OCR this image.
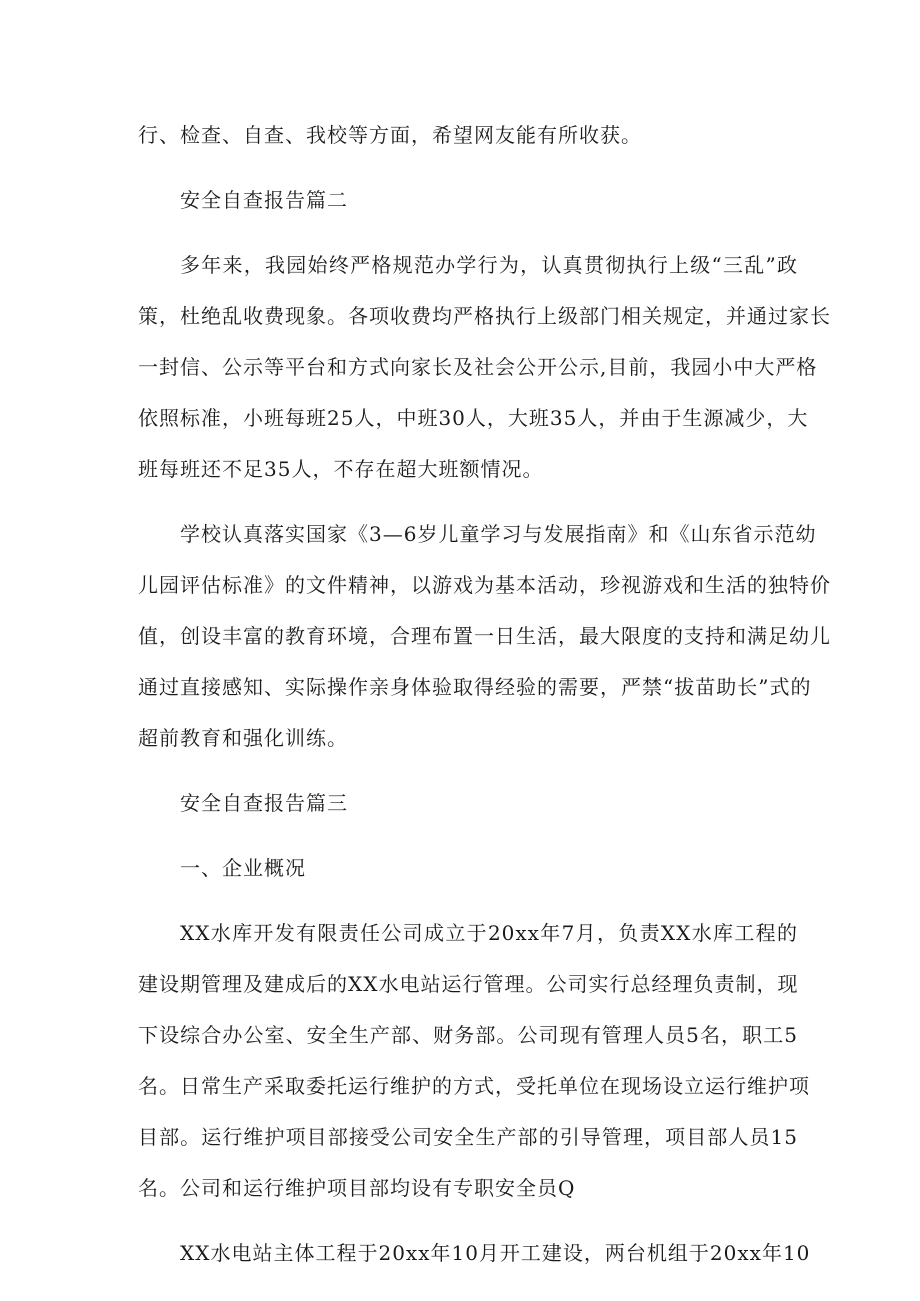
行、检查、自查、我校等方面，希望网友能有所收获。
安全自查报告篇二
多年来，我园始终严格规范办学行为，认真贯彻执行上级“三乱”政
策，杜绝乱收费现象。各项收费均严格执行上级部门相关规定，并通过家长
一封信、公示等平台和方式向家长及社会公开公示,目前，我园小中大严格
依照标准，小班每班25人，中班30人，大班35人，并由于生源减少，大
班每班还不足35人，不存在超大班额情况。
学校认真落实国家《3—6岁儿童学习与发展指南》和《山东省示范幼
儿园评估标准》的文件精神，以游戏为基本活动，珍视游戏和生活的独特价
值，创设丰富的教育环境，合理布置一日生活，最大限度的支持和满足幼儿
通过直接感知、实际操作亲身体验取得经验的需要，严禁“拔苗助长”式的
超前教育和强化训练。
安全自查报告篇三
一、企业概况
XX水库开发有限责任公司成立于20xx年7月，负责XX水库工程的
建设期管理及建成后的XX水电站运行管理。公司实行总经理负责制，现
下设综合办公室、安全生产部、财务部。公司现有管理人员5名，职工5
名。日常生产采取委托运行维护的方式，受托单位在现场设立运行维护项
目部。运行维护项目部接受公司安全生产部的引导管理，项目部人员15
名。公司和运行维护项目部均设有专职安全员Q
XX水电站主体工程于20xx年10月开工建设，两台机组于20xx年10
